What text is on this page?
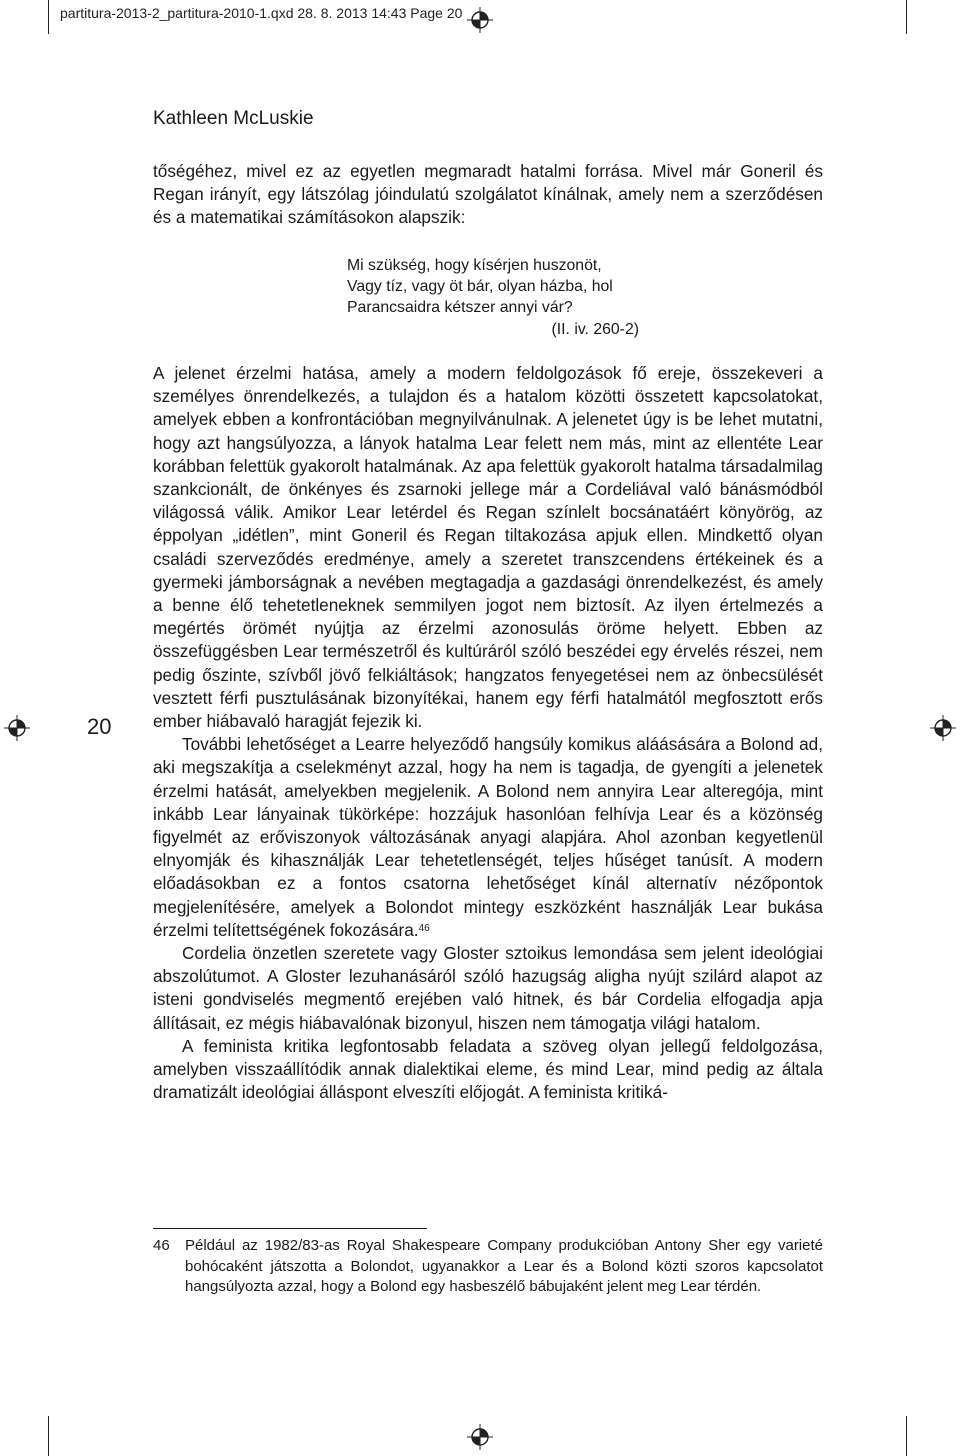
partitura-2013-2_partitura-2010-1.qxd 28. 8. 2013 14:43 Page 20
Kathleen McLuskie

tőségéhez, mivel ez az egyetlen megmaradt hatalmi forrása. Mivel már Goneril és Regan irányít, egy látszólag jóindulatú szolgálatot kínálnak, amely nem a szerződésen és a matematikai számításokon alapszik:

Mi szükség, hogy kísérjen huszonöt,
Vagy tíz, vagy öt bár, olyan házba, hol
Parancsaidra kétszer annyi vár?
(II. iv. 260-2)

A jelenet érzelmi hatása, amely a modern feldolgozások fő ereje, összekeveri a személyes önrendelkezés, a tulajdon és a hatalom közötti összetett kapcsolatokat, amelyek ebben a konfrontációban megnyilvánulnak. A jelenetet úgy is be lehet mutatni, hogy azt hangsúlyozza, a lányok hatalma Lear felett nem más, mint az ellentéte Lear korábban felettük gyakorolt hatalmának. Az apa felettük gyakorolt hatalma társadalmilag szankcionált, de önkényes és zsarnoki jellege már a Cordeliával való bánásmódból világossá válik. Amikor Lear letérdel és Regan színlelt bocsánatáért könyörög, az éppolyan „idétlen”, mint Goneril és Regan tiltakozása apjuk ellen. Mindkettő olyan családi szerveződés eredménye, amely a szeretet transzcendens értékeinek és a gyermeki jámborságnak a nevében megtagadja a gazdasági önrendelkezést, és amely a benne élő tehetetleneknek semmilyen jogot nem biztosít. Az ilyen értelmezés a megértés örömét nyújtja az érzelmi azonosulás öröme helyett. Ebben az összefüggésben Lear természetről és kultúráról szóló beszédei egy érvelés részei, nem pedig őszinte, szívből jövő felkiáltások; hangzatos fenyegetései nem az önbecsülését vesztett férfi pusztulásának bizonyítékai, hanem egy férfi hatalmától megfosztott erős ember hiábavaló haragját fejezik ki.

További lehetőséget a Learre helyeződő hangsúly komikus aláásására a Bolond ad, aki megszakítja a cselekményt azzal, hogy ha nem is tagadja, de gyengíti a jelenetek érzelmi hatását, amelyekben megjelenik. A Bolond nem annyira Lear alteregója, mint inkább Lear lányainak tükörképe: hozzájuk hasonlóan felhívja Lear és a közönség figyelmét az erőviszonyok változásának anyagi alapjára. Ahol azonban kegyetlenül elnyomják és kihasználják Lear tehetetlenségét, teljes hűséget tanúsít. A modern előadásokban ez a fontos csatorna lehetőséget kínál alternatív nézőpontok megjelenítésére, amelyek a Bolondot mintegy eszközként használják Lear bukása érzelmi telítettségének fokozására.$^{46}$

Cordelia önzetlen szeretete vagy Gloster sztoikus lemondása sem jelent ideológiai abszolútumot. A Gloster lezuhanásáról szóló hazugság aligha nyújt szilárd alapot az isteni gondviselés megmentő erejében való hitnek, és bár Cordelia elfogadja apja állításait, ez mégis hiábavalónak bizonyul, hiszen nem támogatja világi hatalom.

A feminista kritika legfontosabb feladata a szöveg olyan jellegű feldolgozása, amelyben visszaállítódik annak dialektikai eleme, és mind Lear, mind pedig az általa dramatizált ideológiai álláspont elveszíti előjogát. A feminista kritiká-

20
46 Például az 1982/83-as Royal Shakespeare Company produkcióban Antony Sher egy varieté bohócaként játszotta a Bolondot, ugyanakkor a Lear és a Bolond közti szoros kapcsolatot hangsúlyozta azzal, hogy a Bolond egy hasbeszélő bábujaként jelent meg Lear térdén.
